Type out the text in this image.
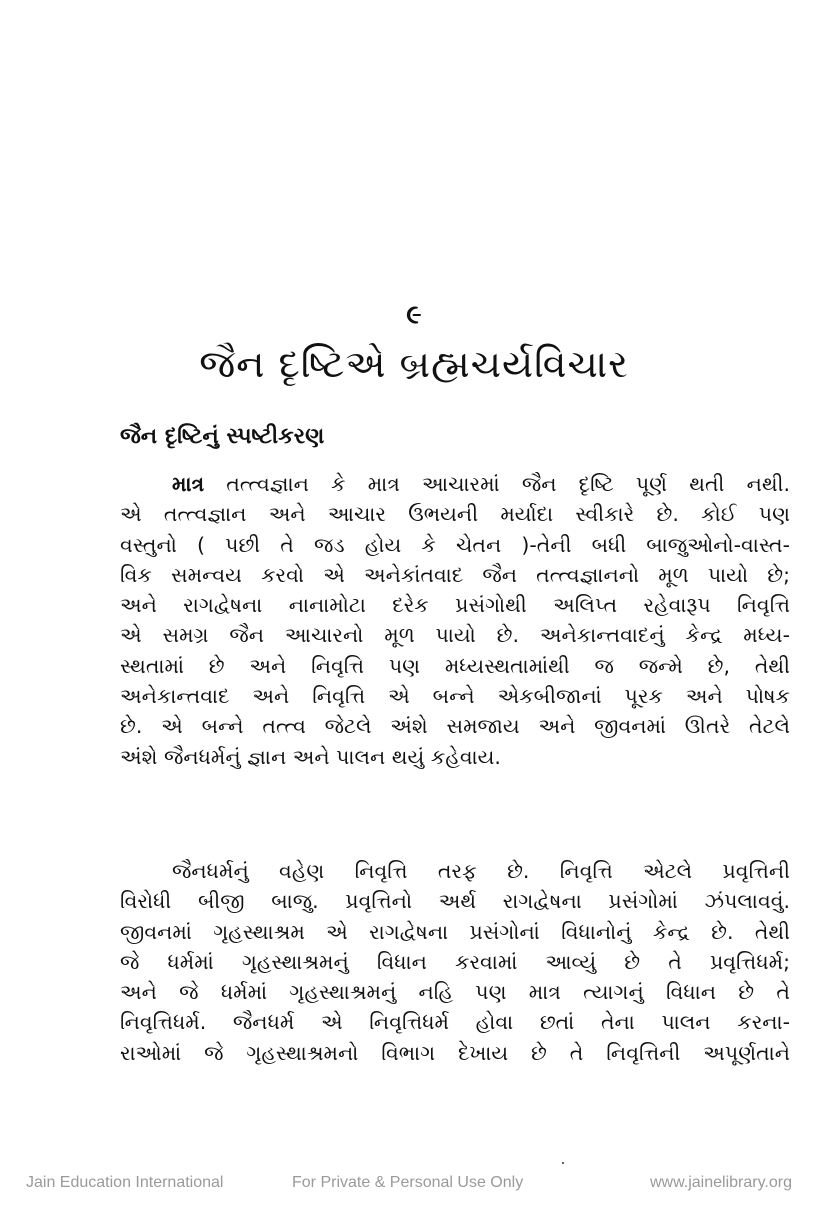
૯
જૈન દૃષ્ટિએ બ્રહ્મચર્યવિચાર
જૈન દૃષ્ટિનું સ્પષ્ટીકરણ
માત્ર તત્ત્વજ્ઞાન કે માત્ર આચારમાં જૈન દૃષ્ટિ પૂર્ણ થતી નથી.
એ તત્ત્વજ્ઞાન અને આચાર ઉભયની મર્યાદા સ્વીકારે છે. કોઈ પણ
વસ્તુનો ( પછી તે જડ હોય કે ચેતન )-તેની બધી બાજુઓનો-વાસ્ત-
વિક સમન્વય કરવો એ અનેકાંતવાદ જૈન તત્ત્વજ્ઞાનનો મૂળ પાયો છે;
અને રાગદ્વેષના નાનામોટા દરેક પ્રસંગોથી અલિપ્ત રહેવારૂપ નિવૃત્તિ
એ સમગ્ર જૈન આચારનો મૂળ પાયો છે. અનેકાન્તવાદનું કેન્દ્ર મધ્ય-
સ્થતામાં છે અને નિવૃત્તિ પણ મધ્યસ્થતામાંથી જ જન્મે છે, તેથી
અનેકાન્તવાદ અને નિવૃત્તિ એ બન્ને એકબીજાનાં પૂરક અને પોષક
છે. એ બન્ને તત્ત્વ જેટલે અંશે સમજાય અને જીવનમાં ઊતરે તેટલે
અંશે જૈનધર્મનું જ્ઞાન અને પાલન થયું કહેવાય.
જૈનધર્મનું વહેણ નિવૃત્તિ તરફ છે. નિવૃત્તિ એટલે પ્રવૃત્તિની
વિરોધી બીજી બાજુ. પ્રવૃત્તિનો અર્થ રાગદ્વેષના પ્રસંગોમાં ઝંપલાવવું.
જીવનમાં ગૃહસ્થાશ્રમ એ રાગદ્વેષના પ્રસંગોનાં વિધાનોનું કેન્દ્ર છે. તેથી
જે ધર્મમાં ગૃહસ્થાશ્રમનું વિધાન કરવામાં આવ્યું છે તે પ્રવૃત્તિધર્મ;
અને જે ધર્મમાં ગૃહસ્થાશ્રમનું નહિ પણ માત્ર ત્યાગનું વિધાન છે તે
નિવૃત્તિધર્મ. જૈનધર્મ એ નિવૃત્તિધર્મ હોવા છતાં તેના પાલન કરના-
રાઓમાં જે ગૃહસ્થાશ્રમનો વિભાગ દેખાય છે તે નિવૃત્તિની અપૂર્ણતાને
Jain Education International	For Private & Personal Use Only	www.jainelibrary.org
